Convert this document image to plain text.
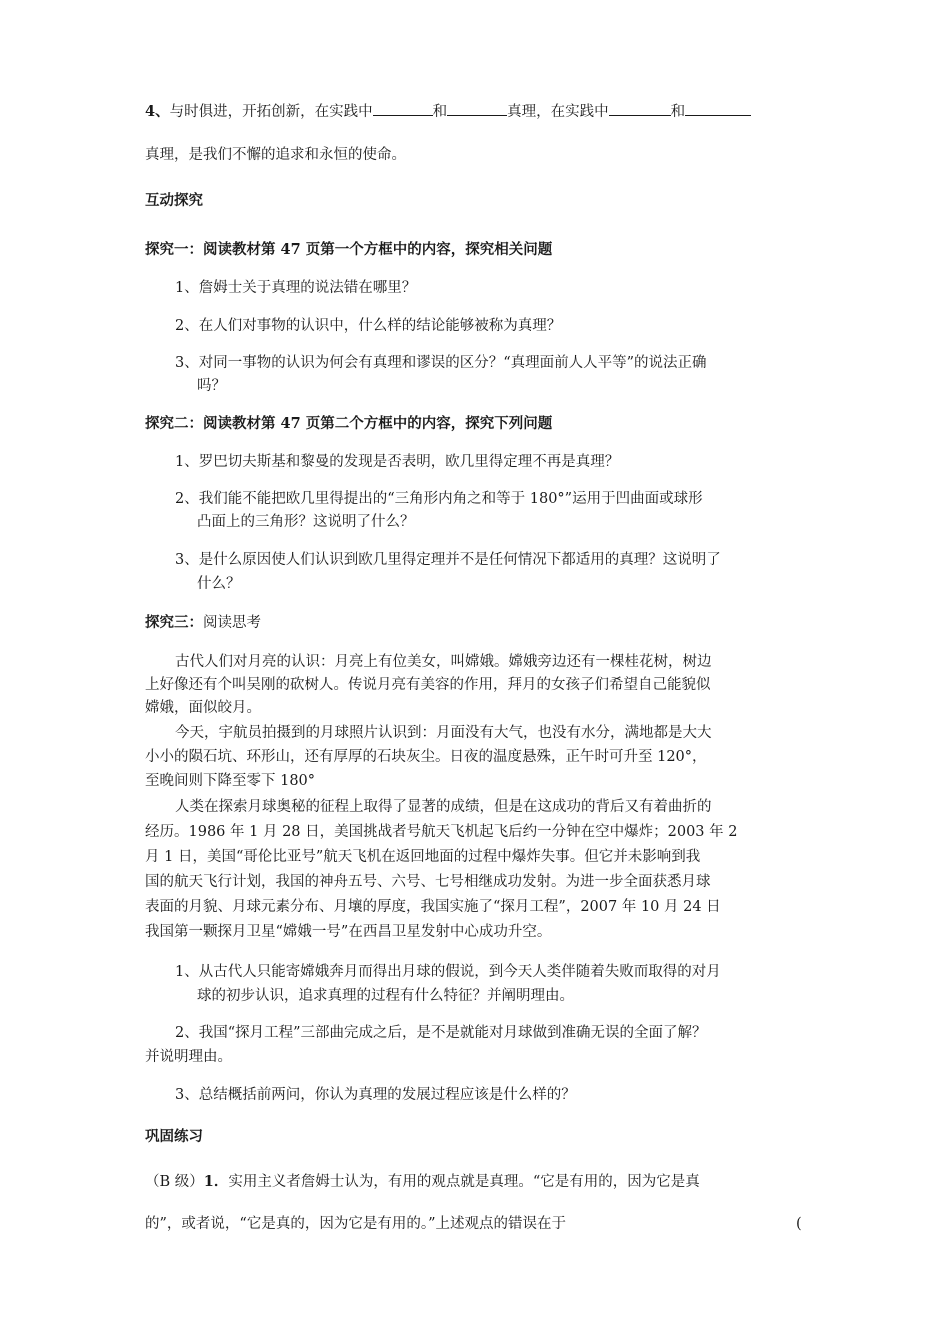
4、与时俱进，开拓创新，在实践中	和	真理，在实践中	和
真理，是我们不懈的追求和永恒的使命。
互动探究
探究一：阅读教材第 47 页第一个方框中的内容，探究相关问题
1、詹姆士关于真理的说法错在哪里？
2、在人们对事物的认识中，什么样的结论能够被称为真理？
3、对同一事物的认识为何会有真理和谬误的区分？“真理面前人人平等”的说法正确
吗？
探究二：阅读教材第 47 页第二个方框中的内容，探究下列问题
1、罗巴切夫斯基和黎曼的发现是否表明，欧几里得定理不再是真理？
2、我们能不能把欧几里得提出的“三角形内角之和等于 180°”运用于凹曲面或球形
凸面上的三角形？这说明了什么？
3、是什么原因使人们认识到欧几里得定理并不是任何情况下都适用的真理？这说明了
什么？
探究三：阅读思考
古代人们对月亮的认识：月亮上有位美女，叫嫦娥。嫦娥旁边还有一棵桂花树，树边
上好像还有个叫吴刚的砍树人。传说月亮有美容的作用，拜月的女孩子们希望自己能貌似
嫦娥，面似皎月。
今天，宇航员拍摄到的月球照片认识到：月面没有大气，也没有水分，满地都是大大
小小的陨石坑、环形山，还有厚厚的石块灰尘。日夜的温度悬殊，正午时可升至 120°，
至晚间则下降至零下 180°
人类在探索月球奥秘的征程上取得了显著的成绩，但是在这成功的背后又有着曲折的
经历。1986 年 1 月 28 日，美国挑战者号航天飞机起飞后约一分钟在空中爆炸；2003 年 2
月 1 日，美国“哥伦比亚号”航天飞机在返回地面的过程中爆炸失事。但它并未影响到我
国的航天飞行计划，我国的神舟五号、六号、七号相继成功发射。为进一步全面获悉月球
表面的月貌、月球元素分布、月壤的厚度，我国实施了“探月工程”，2007 年 10 月 24 日
我国第一颗探月卫星“嫦娥一号”在西昌卫星发射中心成功升空。
1、从古代人只能寄嫦娥奔月而得出月球的假说，到今天人类伴随着失败而取得的对月
球的初步认识，追求真理的过程有什么特征？并阐明理由。
2、我国“探月工程”三部曲完成之后，是不是就能对月球做到准确无误的全面了解？
并说明理由。
3、总结概括前两问，你认为真理的发展过程应该是什么样的？
巩固练习
（B 级）1．实用主义者詹姆士认为，有用的观点就是真理。“它是有用的，因为它是真
的”，或者说，“它是真的，因为它是有用的。”上述观点的错误在于	(
